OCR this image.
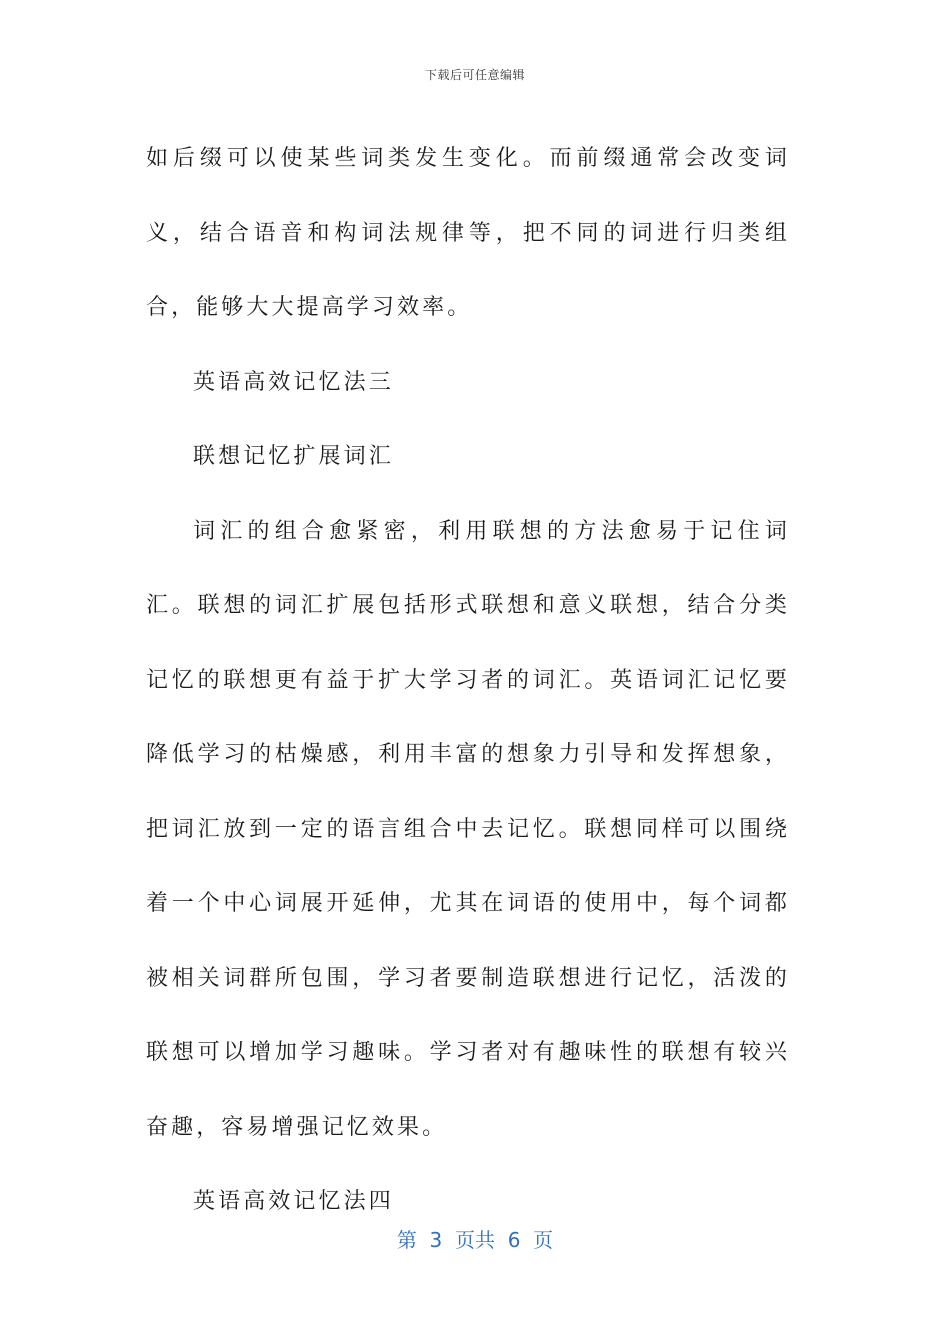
下载后可任意编辑

如后缀可以使某些词类发生变化。而前缀通常会改变词义，结合语音和构词法规律等，把不同的词进行归类组合，能够大大提高学习效率。

英语高效记忆法三

联想记忆扩展词汇

词汇的组合愈紧密，利用联想的方法愈易于记住词汇。联想的词汇扩展包括形式联想和意义联想，结合分类记忆的联想更有益于扩大学习者的词汇。英语词汇记忆要降低学习的枯燥感，利用丰富的想象力引导和发挥想象，把词汇放到一定的语言组合中去记忆。联想同样可以围绕着一个中心词展开延伸，尤其在词语的使用中，每个词都被相关词群所包围，学习者要制造联想进行记忆，活泼的联想可以增加学习趣味。学习者对有趣味性的联想有较兴奋趣，容易增强记忆效果。

英语高效记忆法四

第  3  页共  6  页
